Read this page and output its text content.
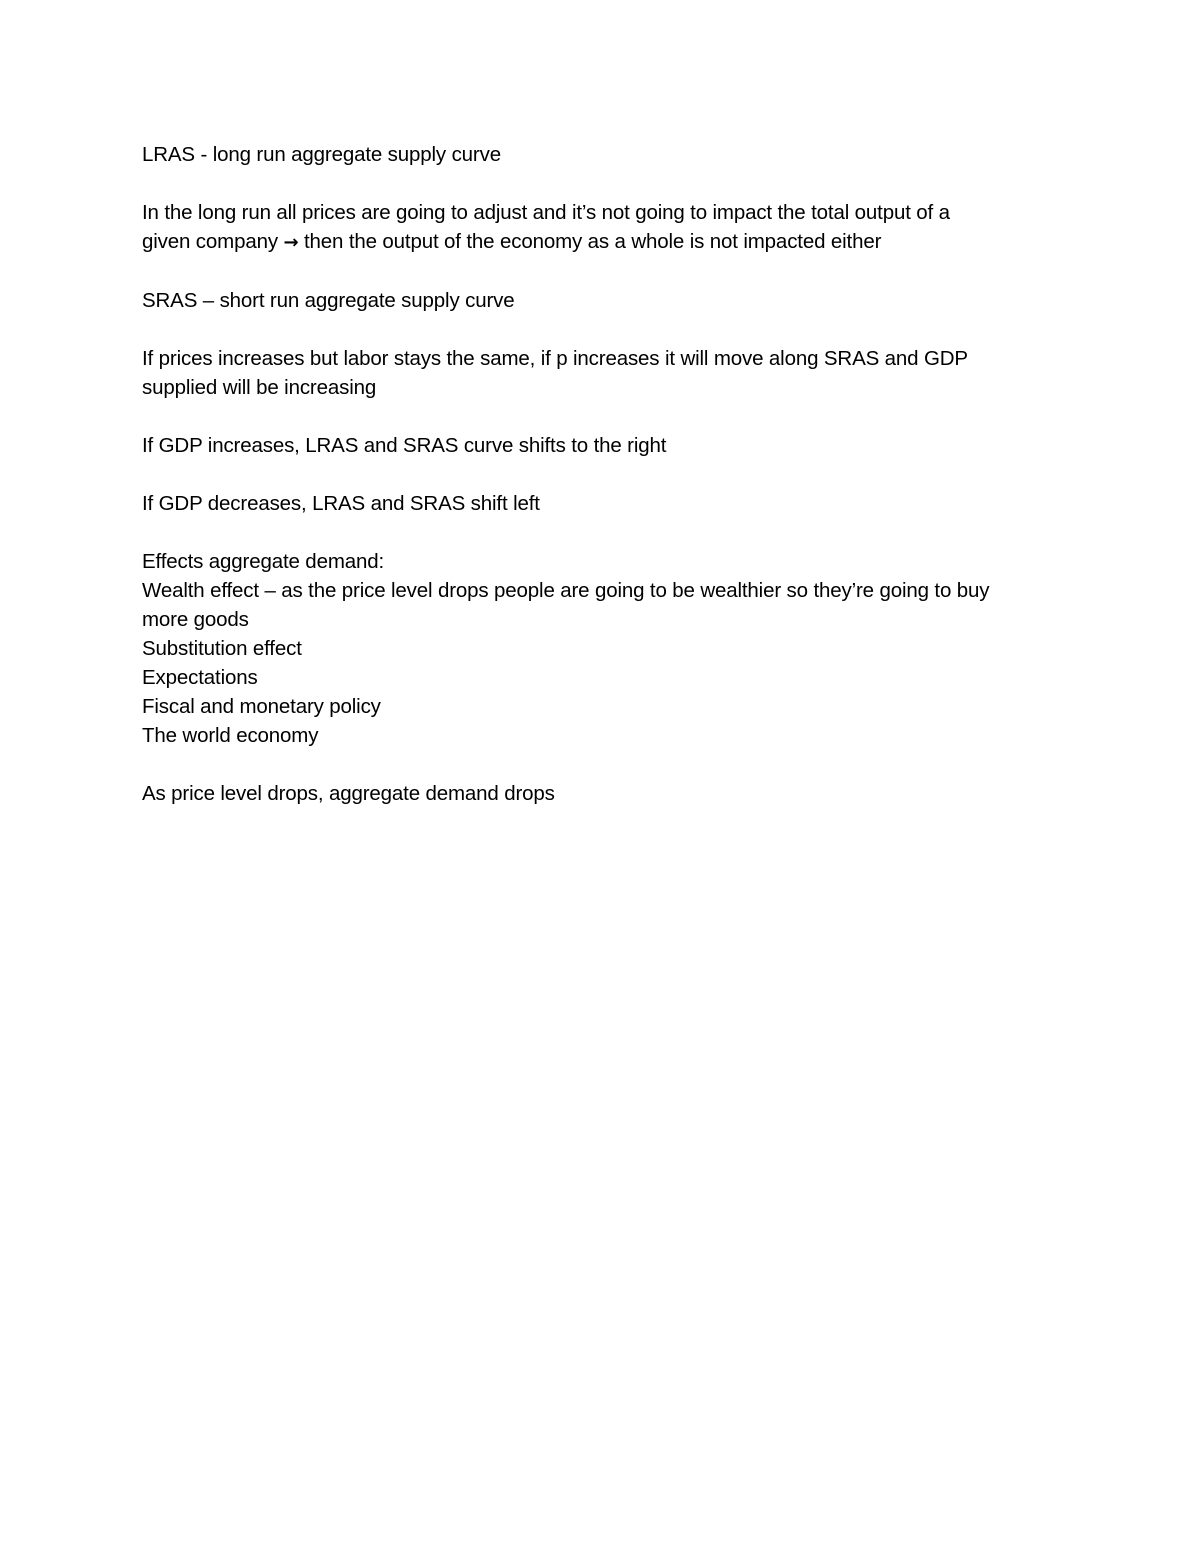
LRAS - long run aggregate supply curve

In the long run all prices are going to adjust and it’s not going to impact the total output of a
given company → then the output of the economy as a whole is not impacted either

SRAS – short run aggregate supply curve

If prices increases but labor stays the same, if p increases it will move along SRAS and GDP
supplied will be increasing

If GDP increases, LRAS and SRAS curve shifts to the right

If GDP decreases, LRAS and SRAS shift left

Effects aggregate demand:
Wealth effect – as the price level drops people are going to be wealthier so they’re going to buy
more goods
Substitution effect
Expectations
Fiscal and monetary policy
The world economy

As price level drops, aggregate demand drops
